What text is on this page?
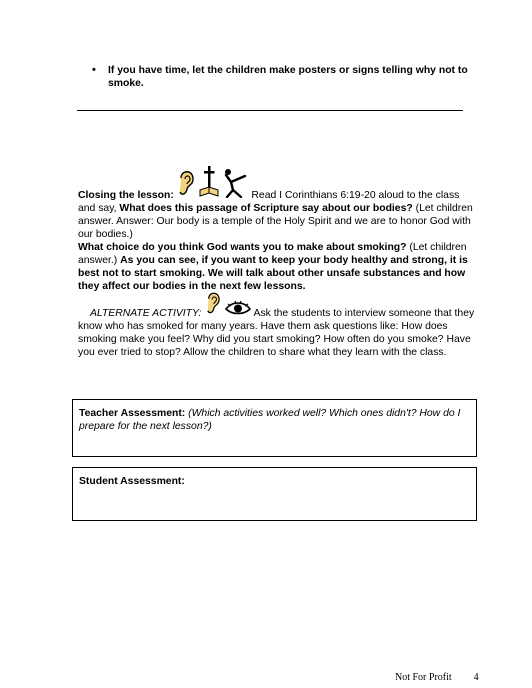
• If you have time, let the children make posters or signs telling why not to smoke.
Closing the lesson:	Read I Corinthians 6:19-20 aloud to the class and say, What does this passage of Scripture say about our bodies? (Let children answer. Answer: Our body is a temple of the Holy Spirit and we are to honor God with our bodies.)
What choice do you think God wants you to make about smoking? (Let children answer.) As you can see, if you want to keep your body healthy and strong, it is best not to start smoking. We will talk about other unsafe substances and how they affect our bodies in the next few lessons.
ALTERNATE ACTIVITY:	Ask the students to interview someone that they know who has smoked for many years. Have them ask questions like: How does smoking make you feel? Why did you start smoking? How often do you smoke? Have you ever tried to stop? Allow the children to share what they learn with the class.
Teacher Assessment: (Which activities worked well? Which ones didn't? How do I prepare for the next lesson?)
Student Assessment:
Not For Profit 4
